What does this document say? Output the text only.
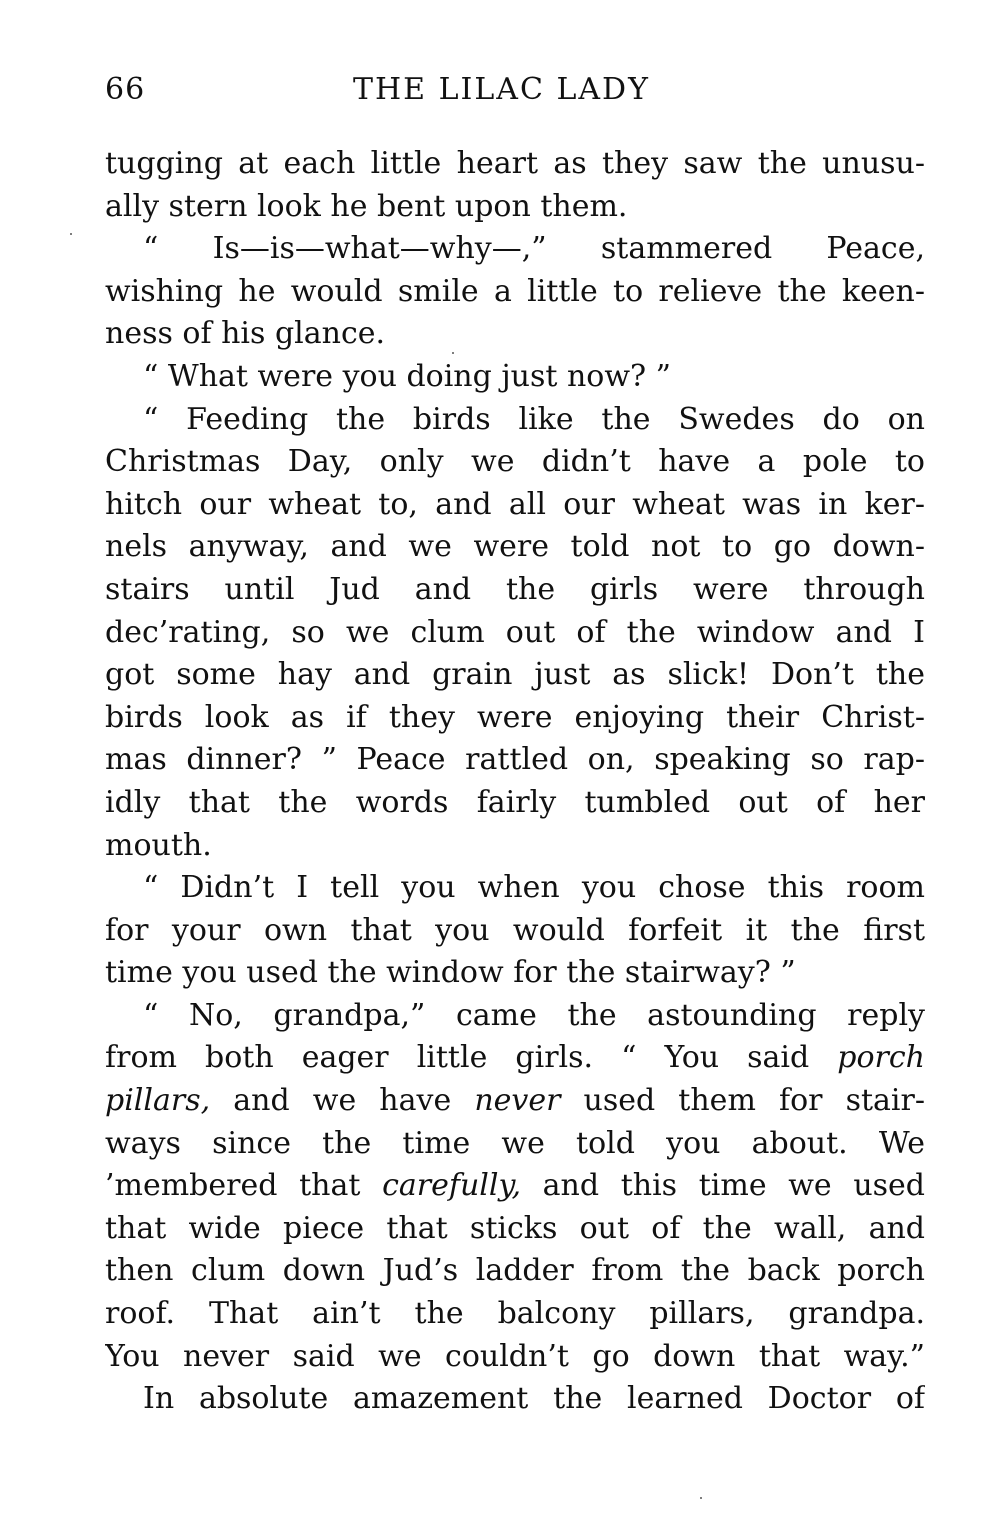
66	THE LILAC LADY
tugging at each little heart as they saw the unusu-
ally stern look he bent upon them.
“ Is—is—what—why—,” stammered Peace,
wishing he would smile a little to relieve the keen-
ness of his glance.
“ What were you doing just now? ”
“ Feeding the birds like the Swedes do on
Christmas Day, only we didn’t have a pole to
hitch our wheat to, and all our wheat was in ker-
nels anyway, and we were told not to go down-
stairs until Jud and the girls were through
dec’rating, so we clum out of the window and I
got some hay and grain just as slick! Don’t the
birds look as if they were enjoying their Christ-
mas dinner? ” Peace rattled on, speaking so rap-
idly that the words fairly tumbled out of her
mouth.
“ Didn’t I tell you when you chose this room
for your own that you would forfeit it the first
time you used the window for the stairway? ”
“ No, grandpa,” came the astounding reply
from both eager little girls. “ You said porch
pillars, and we have never used them for stair-
ways since the time we told you about. We
’membered that carefully, and this time we used
that wide piece that sticks out of the wall, and
then clum down Jud’s ladder from the back porch
roof. That ain’t the balcony pillars, grandpa.
You never said we couldn’t go down that way.”
In absolute amazement the learned Doctor of
